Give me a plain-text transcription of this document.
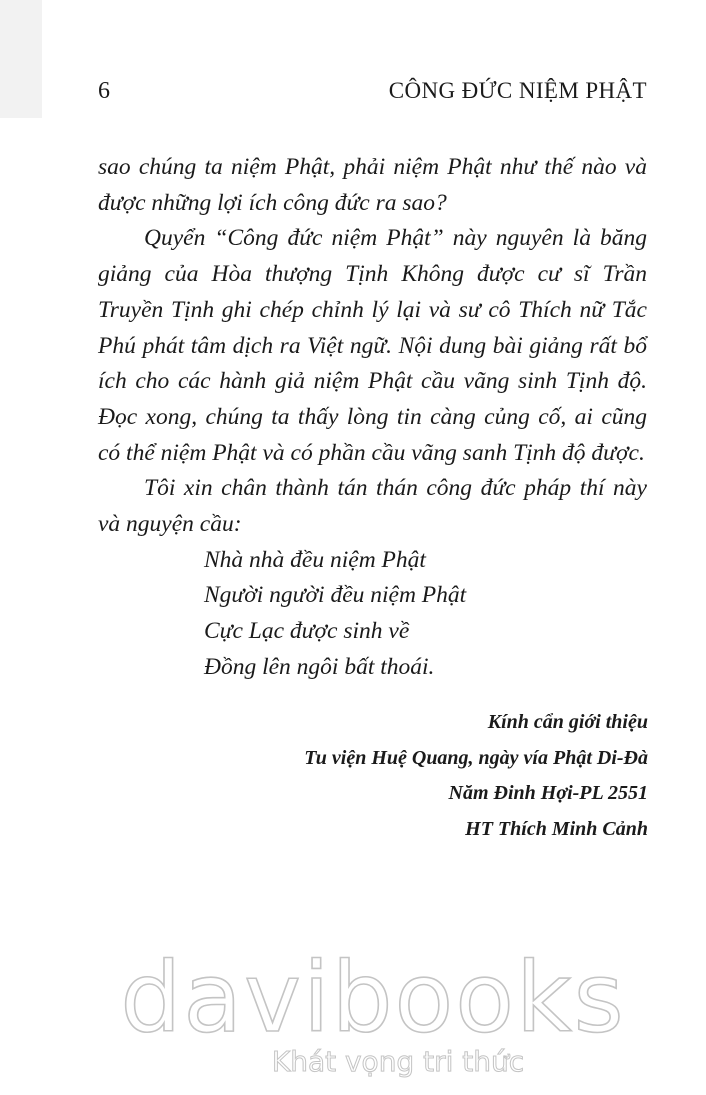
6	CÔNG ĐỨC NIỆM PHẬT

sao chúng ta niệm Phật, phải niệm Phật như thế nào và được những lợi ích công đức ra sao?

Quyển “Công đức niệm Phật” này nguyên là băng giảng của Hòa thượng Tịnh Không được cư sĩ Trần Truyền Tịnh ghi chép chỉnh lý lại và sư cô Thích nữ Tắc Phú phát tâm dịch ra Việt ngữ. Nội dung bài giảng rất bổ ích cho các hành giả niệm Phật cầu vãng sinh Tịnh độ. Đọc xong, chúng ta thấy lòng tin càng củng cố, ai cũng có thể niệm Phật và có phần cầu vãng sanh Tịnh độ được.

Tôi xin chân thành tán thán công đức pháp thí này và nguyện cầu:

Nhà nhà đều niệm Phật
Người người đều niệm Phật
Cực Lạc được sinh về
Đồng lên ngôi bất thoái.
Kính cẩn giới thiệu
Tu viện Huệ Quang, ngày vía Phật Di-Đà
Năm Đinh Hợi-PL 2551
HT Thích Minh Cảnh
davibooks
Khát vọng tri thức
